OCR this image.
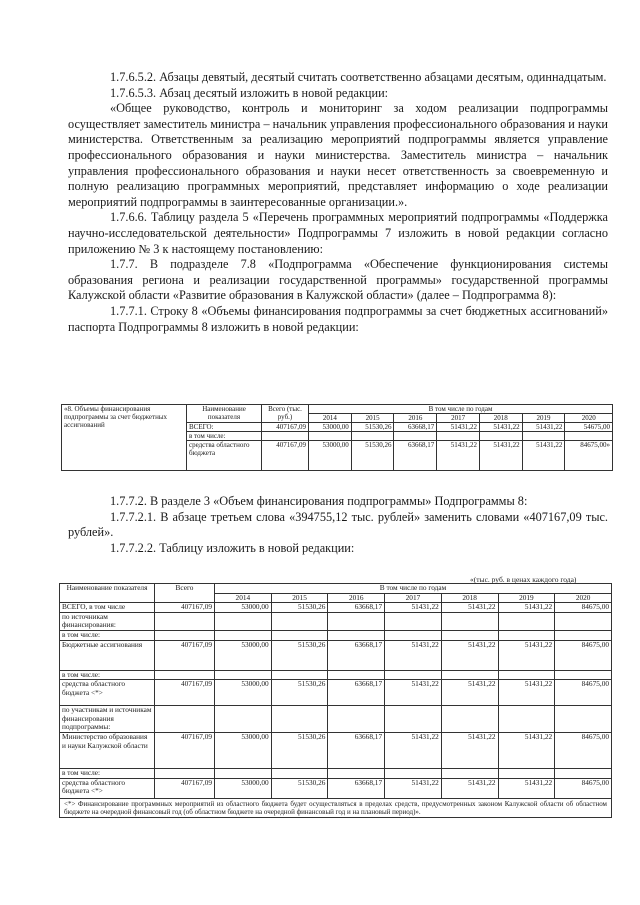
1.7.6.5.2. Абзацы девятый, десятый считать соответственно абзацами десятым, одиннадцатым.

1.7.6.5.3. Абзац десятый изложить в новой редакции:

«Общее руководство, контроль и мониторинг за ходом реализации подпрограммы осуществляет заместитель министра – начальник управления профессионального образования и науки министерства. Ответственным за реализацию мероприятий подпрограммы является управление профессионального образования и науки министерства. Заместитель министра – начальник управления профессионального образования и науки несет ответственность за своевременную и полную реализацию программных мероприятий, представляет информацию о ходе реализации мероприятий подпрограммы в заинтересованные организации.».

1.7.6.6. Таблицу раздела 5 «Перечень программных мероприятий подпрограммы «Поддержка научно-исследовательской деятельности» Подпрограммы 7 изложить в новой редакции согласно приложению № 3 к настоящему постановлению:

1.7.7. В подразделе 7.8 «Подпрограмма «Обеспечение функционирования системы образования региона и реализации государственной программы» государственной программы Калужской области «Развитие образования в Калужской области» (далее – Подпрограмма 8):

1.7.7.1. Строку 8 «Объемы финансирования подпрограммы за счет бюджетных ассигнований» паспорта Подпрограммы 8 изложить в новой редакции:

«8. Объемы финансирования подпрограммы за счет бюджетных ассигнований	Наименование показателя	Всего (тыс. руб.)	В том числе по годам						
			2014	2015	2016	2017	2018	2019	2020
	ВСЕГО:	407167,09	53000,00	51530,26	63668,17	51431,22	51431,22	51431,22	54675,00
	в том числе:								
	средства областного бюджета	407167,09	53000,00	51530,26	63668,17	51431,22	51431,22	51431,22	84675,00»

1.7.7.2. В разделе 3 «Объем финансирования подпрограммы» Подпрограммы 8:

1.7.7.2.1. В абзаце третьем слова «394755,12 тыс. рублей» заменить словами «407167,09 тыс. рублей».

1.7.7.2.2. Таблицу изложить в новой редакции:

«(тыс. руб. в ценах каждого года)
Наименование показателя	Всего	В том числе по годам						
		2014	2015	2016	2017	2018	2019	2020
ВСЕГО, в том числе	407167,09	53000,00	51530,26	63668,17	51431,22	51431,22	51431,22	84675,00
по источникам финансирования:								
в том числе:								
Бюджетные ассигнования	407167,09	53000,00	51530,26	63668,17	51431,22	51431,22	51431,22	84675,00
в том числе:								
средства областного бюджета <*>	407167,09	53000,00	51530,26	63668,17	51431,22	51431,22	51431,22	84675,00
по участникам и источникам финансирования подпрограммы:								
Министерство образования и науки Калужской области	407167,09	53000,00	51530,26	63668,17	51431,22	51431,22	51431,22	84675,00
в том числе:								
средства областного бюджета <*>	407167,09	53000,00	51530,26	63668,17	51431,22	51431,22	51431,22	84675,00
<*> Финансирование программных мероприятий из областного бюджета будет осуществляться в пределах средств, предусмотренных законом Калужской области об областном бюджете на очередной финансовый год (об областном бюджете на очередной финансовый год и на плановый период)».								
